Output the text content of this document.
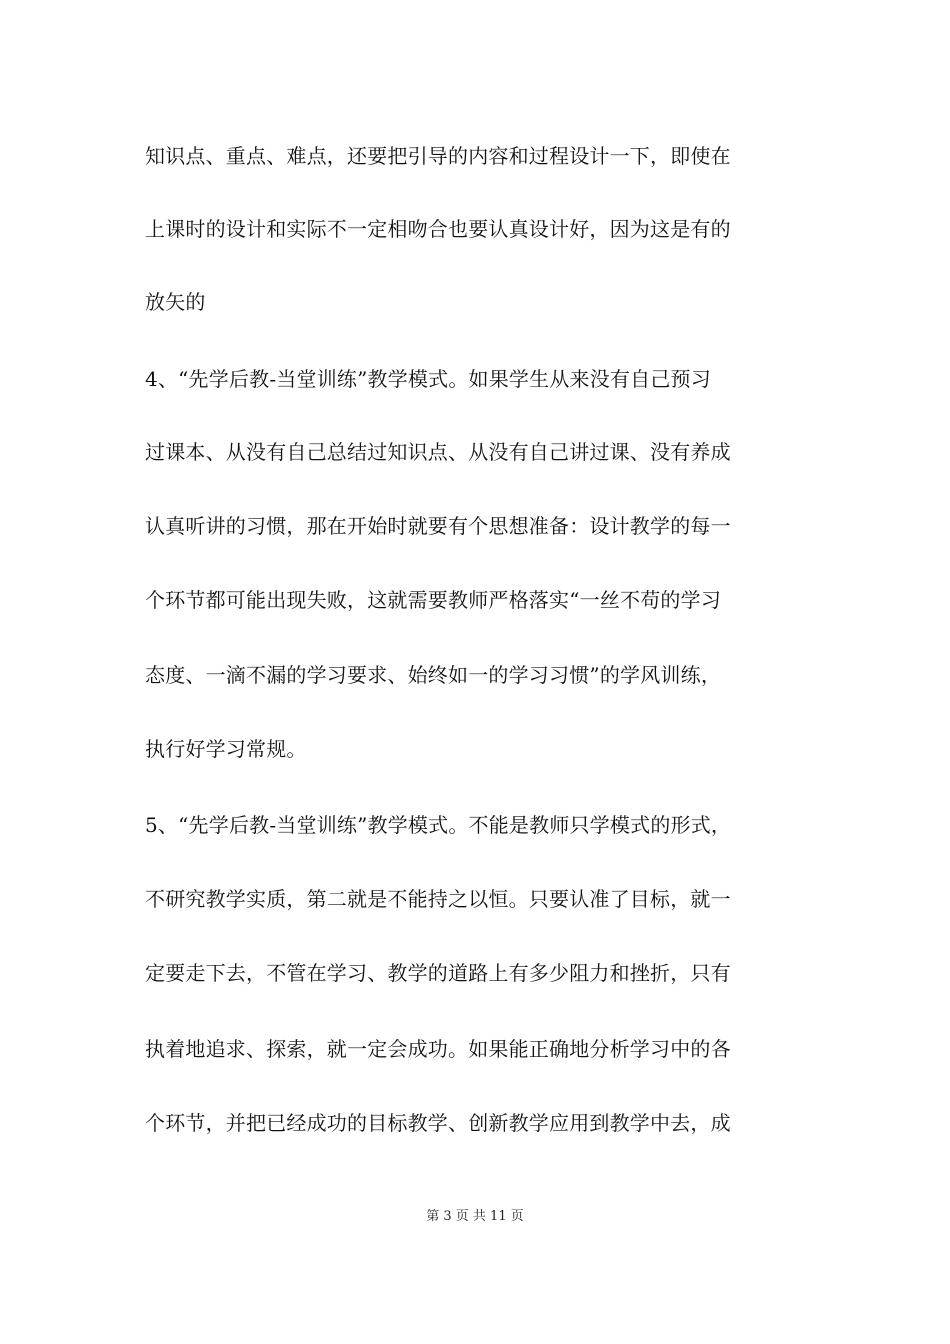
知识点、重点、难点，还要把引导的内容和过程设计一下，即使在
上课时的设计和实际不一定相吻合也要认真设计好，因为这是有的
放矢的
4、“先学后教-当堂训练”教学模式。如果学生从来没有自己预习
过课本、从没有自己总结过知识点、从没有自己讲过课、没有养成
认真听讲的习惯，那在开始时就要有个思想准备：设计教学的每一
个环节都可能出现失败，这就需要教师严格落实“一丝不苟的学习
态度、一滴不漏的学习要求、始终如一的学习习惯”的学风训练，
执行好学习常规。
5、“先学后教-当堂训练”教学模式。不能是教师只学模式的形式，
不研究教学实质，第二就是不能持之以恒。只要认准了目标，就一
定要走下去，不管在学习、教学的道路上有多少阻力和挫折，只有
执着地追求、探索，就一定会成功。如果能正确地分析学习中的各
个环节，并把已经成功的目标教学、创新教学应用到教学中去，成
第 3 页 共 11 页
